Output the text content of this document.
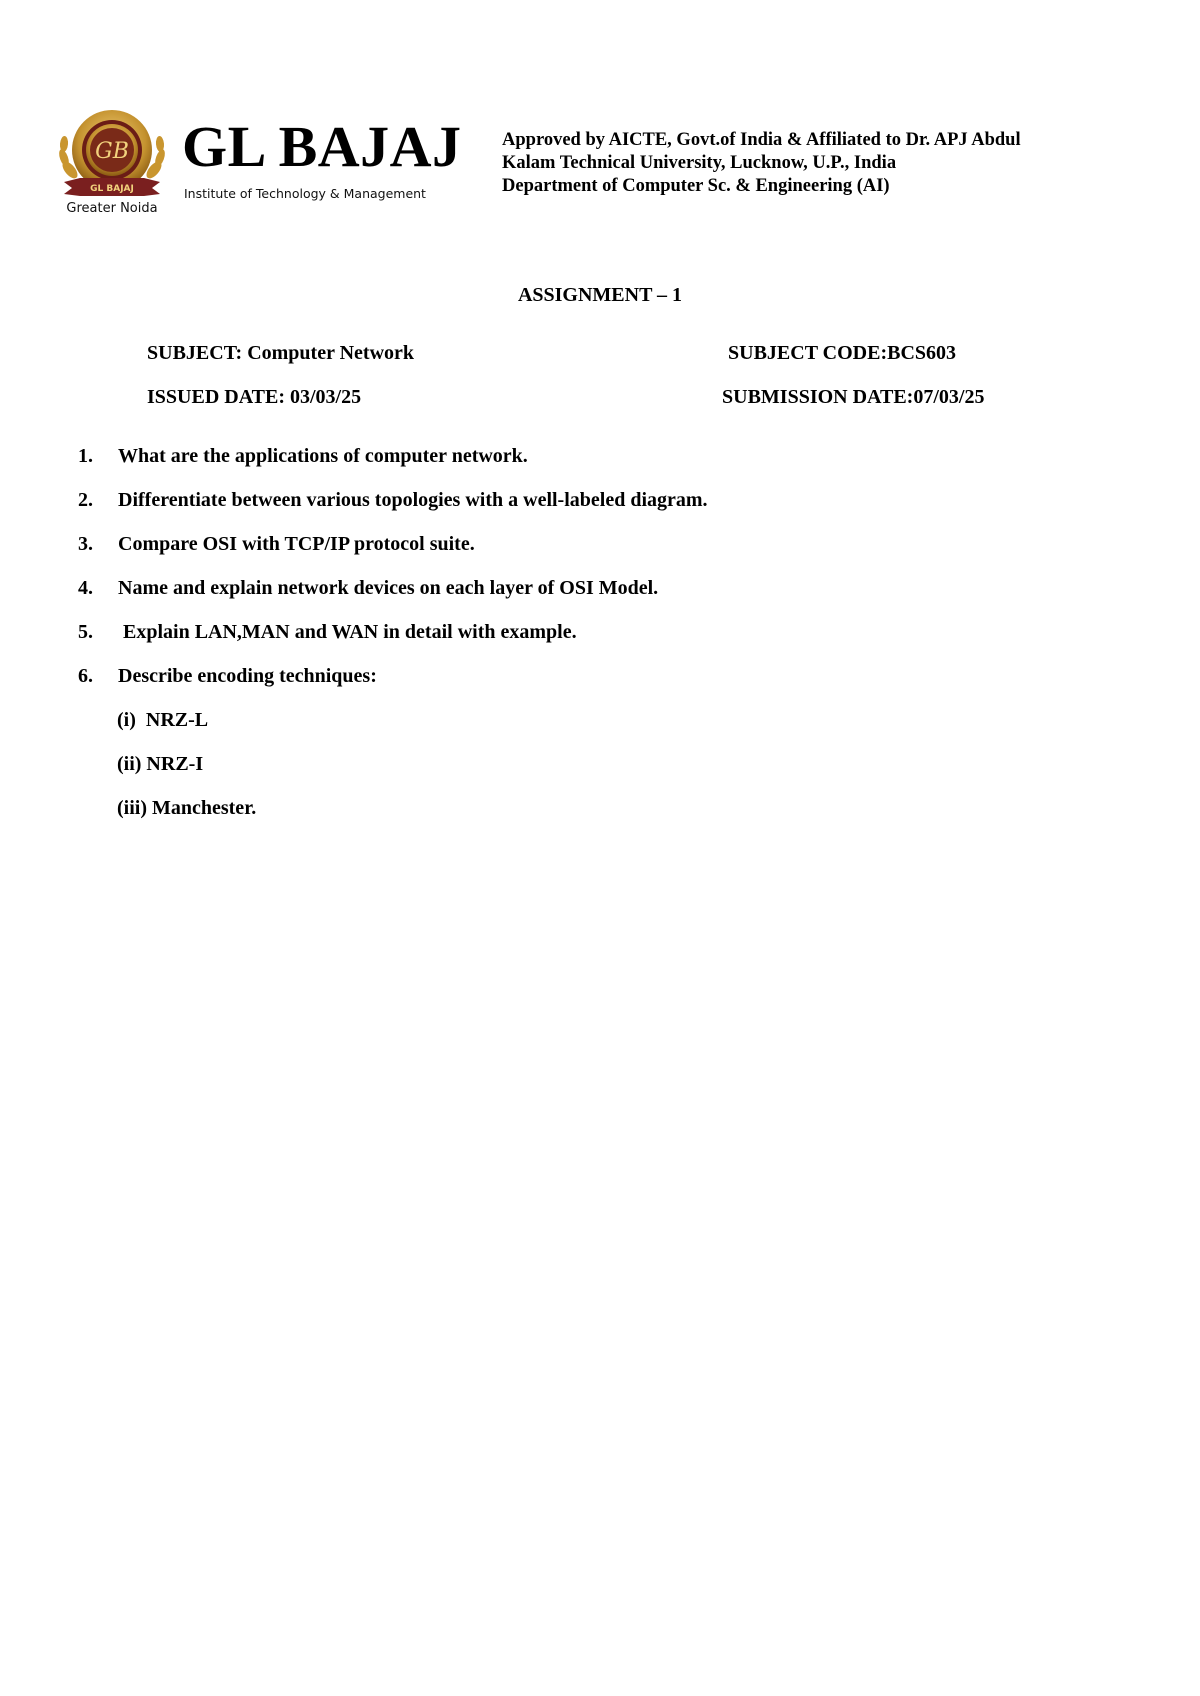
GB
GL BAJAJ
Greater Noida
GL BAJAJ
Institute of Technology & Management
Approved by AICTE, Govt.of India & Affiliated to Dr. APJ Abdul
Kalam Technical University, Lucknow, U.P., India
Department of Computer Sc. & Engineering (AI)
ASSIGNMENT – 1
SUBJECT: Computer Network	SUBJECT CODE:BCS603
ISSUED DATE: 03/03/25	SUBMISSION DATE:07/03/25
1.	What are the applications of computer network.
2.	Differentiate between various topologies with a well-labeled diagram.
3.	Compare OSI with TCP/IP protocol suite.
4.	Name and explain network devices on each layer of OSI Model.
5.	Explain LAN,MAN and WAN in detail with example.
6.	Describe encoding techniques:
(i)  NRZ-L
(ii) NRZ-I
(iii) Manchester.
